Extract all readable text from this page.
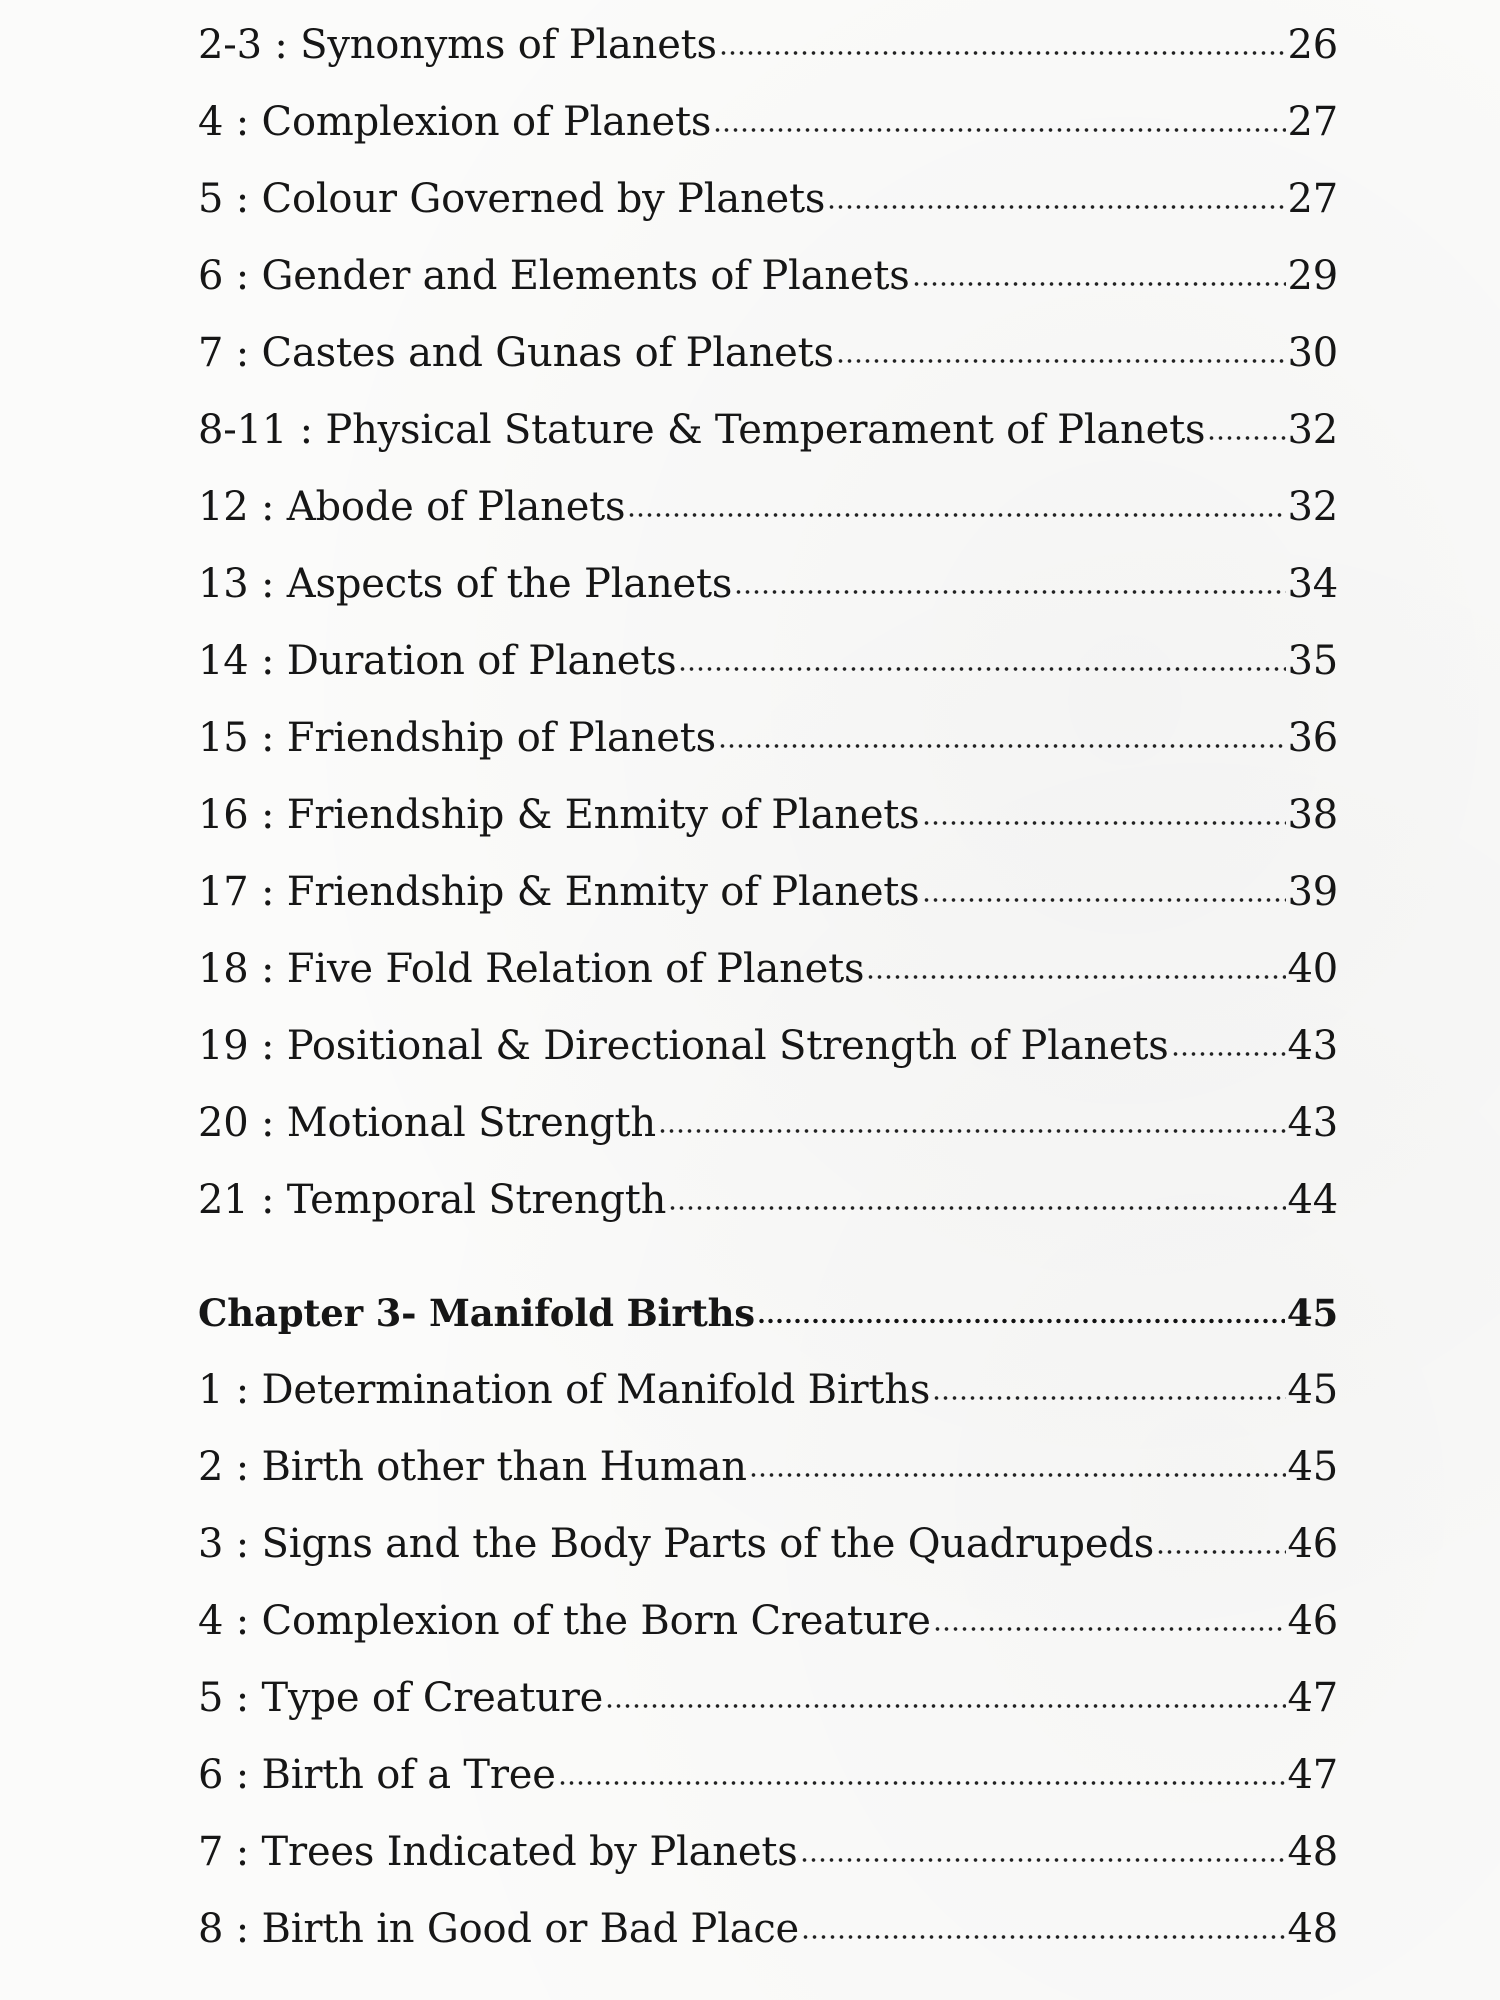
2-3 : Synonyms of Planets	26
4 : Complexion of Planets	27
5 : Colour Governed by Planets	27
6 : Gender and Elements of Planets	29
7 : Castes and Gunas of Planets	30
8-11 : Physical Stature & Temperament of Planets 32
12 : Abode of Planets	32
13 : Aspects of the Planets	34
14 : Duration of Planets	35
15 : Friendship of Planets	36
16 : Friendship & Enmity of Planets	38
17 : Friendship & Enmity of Planets	39
18 : Five Fold Relation of Planets	40
19 : Positional & Directional Strength of Planets	43
20 : Motional Strength	43
21 : Temporal Strength	44
Chapter 3- Manifold Births	45
1 : Determination of Manifold Births	45
2 : Birth other than Human	45
3 : Signs and the Body Parts of the Quadrupeds	46
4 : Complexion of the Born Creature	46
5 : Type of Creature	47
6 : Birth of a Tree	47
7 : Trees Indicated by Planets	48
8 : Birth in Good or Bad Place	48
